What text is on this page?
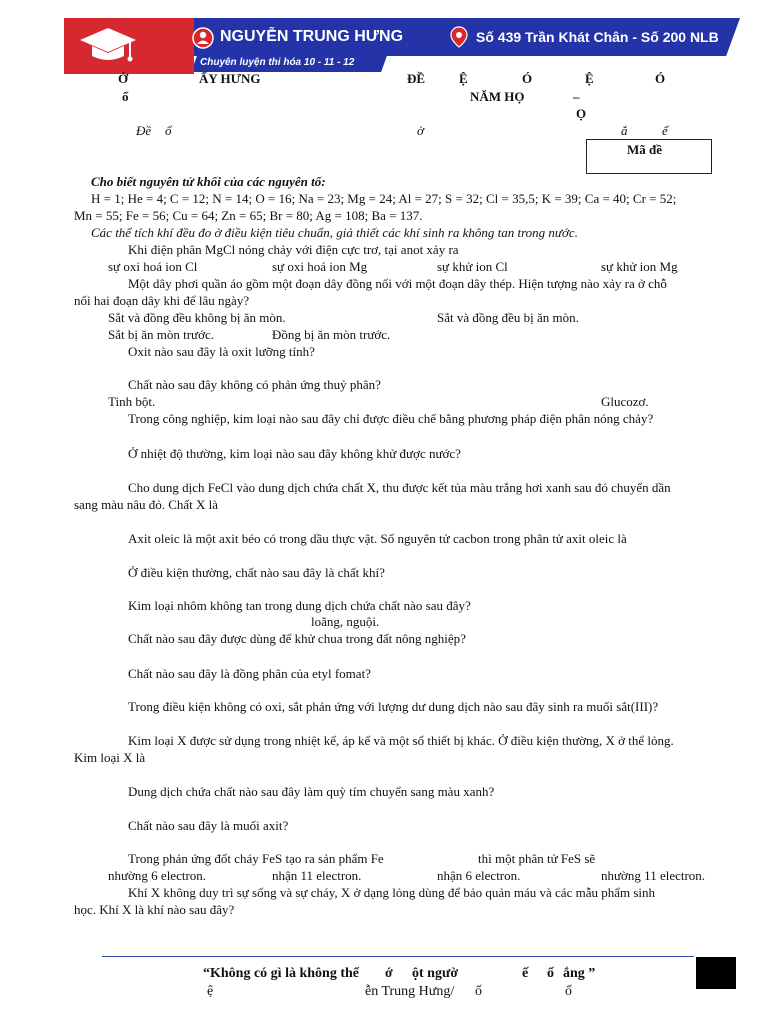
NGUYỄN TRUNG HƯNG	Số 439 Trần Khát Chân - Số 200 NLB
Chuyên luyện thi hóa 10 - 11 - 12
Ở	ẤY HƯNG	ĐỀ	Ệ	Ó	Ệ	Ó
ố	NĂM HỌ	–
Ọ
Đề ổ	ờ	ắ	ể
Mã đề
Cho biết nguyên tử khối của các nguyên tố:
H = 1; He = 4; C = 12; N = 14; O = 16; Na = 23; Mg = 24; Al = 27; S = 32; Cl = 35,5; K = 39; Ca = 40; Cr = 52;
Mn = 55; Fe = 56; Cu = 64; Zn = 65; Br = 80; Ag = 108; Ba = 137.
Các thể tích khí đều đo ở điều kiện tiêu chuẩn, giả thiết các khí sinh ra không tan trong nước.
Khi điện phân MgCl nóng chảy với điện cực trơ, tại anot xảy ra
sự oxi hoá ion Cl	sự oxi hoá ion Mg	sự khử ion Cl	sự khử ion Mg
Một dây phơi quần áo gồm một đoạn dây đồng nối với một đoạn dây thép. Hiện tượng nào xảy ra ở chỗ
nối hai đoạn dây khi để lâu ngày?
Sắt và đồng đều không bị ăn mòn.	Sắt và đồng đều bị ăn mòn.
Sắt bị ăn mòn trước.	Đồng bị ăn mòn trước.
Oxit nào sau đây là oxit lưỡng tính?
Chất nào sau đây không có phản ứng thuỷ phân?
Tinh bột.	Glucozơ.
Trong công nghiệp, kim loại nào sau đây chỉ được điều chế bằng phương pháp điện phân nóng chảy?
Ở nhiệt độ thường, kim loại nào sau đây không khử được nước?
Cho dung dịch FeCl vào dung dịch chứa chất X, thu được kết tủa màu trắng hơi xanh sau đó chuyển dần
sang màu nâu đỏ. Chất X là
Axit oleic là một axit béo có trong dầu thực vật. Số nguyên tử cacbon trong phân tử axit oleic là
Ở điều kiện thường, chất nào sau đây là chất khí?
Kim loại nhôm không tan trong dung dịch chứa chất nào sau đây?
loãng, nguội.
Chất nào sau đây được dùng để khử chua trong đất nông nghiệp?
Chất nào sau đây là đồng phân của etyl fomat?
Trong điều kiện không có oxi, sắt phản ứng với lượng dư dung dịch nào sau đây sinh ra muối sắt(III)?
Kim loại X được sử dụng trong nhiệt kế, áp kế và một số thiết bị khác. Ở điều kiện thường, X ở thể lỏng.
Kim loại X là
Dung dịch chứa chất nào sau đây làm quỳ tím chuyển sang màu xanh?
Chất nào sau đây là muối axit?
Trong phản ứng đốt cháy FeS tạo ra sản phẩm Fe	thì một phân tử FeS sẽ
nhường 6 electron.	nhận 11 electron.	nhận 6 electron.	nhường 11 electron.
Khí X không duy trì sự sống và sự cháy, X ở dạng lỏng dùng để bảo quản máu và các mẫu phẩm sinh
học. Khí X là khí nào sau đây?
“Không có gì là không thể ớ ột ngườ	ế ố ắng ”
ệ	ễn Trung Hưng/ ố	ố
